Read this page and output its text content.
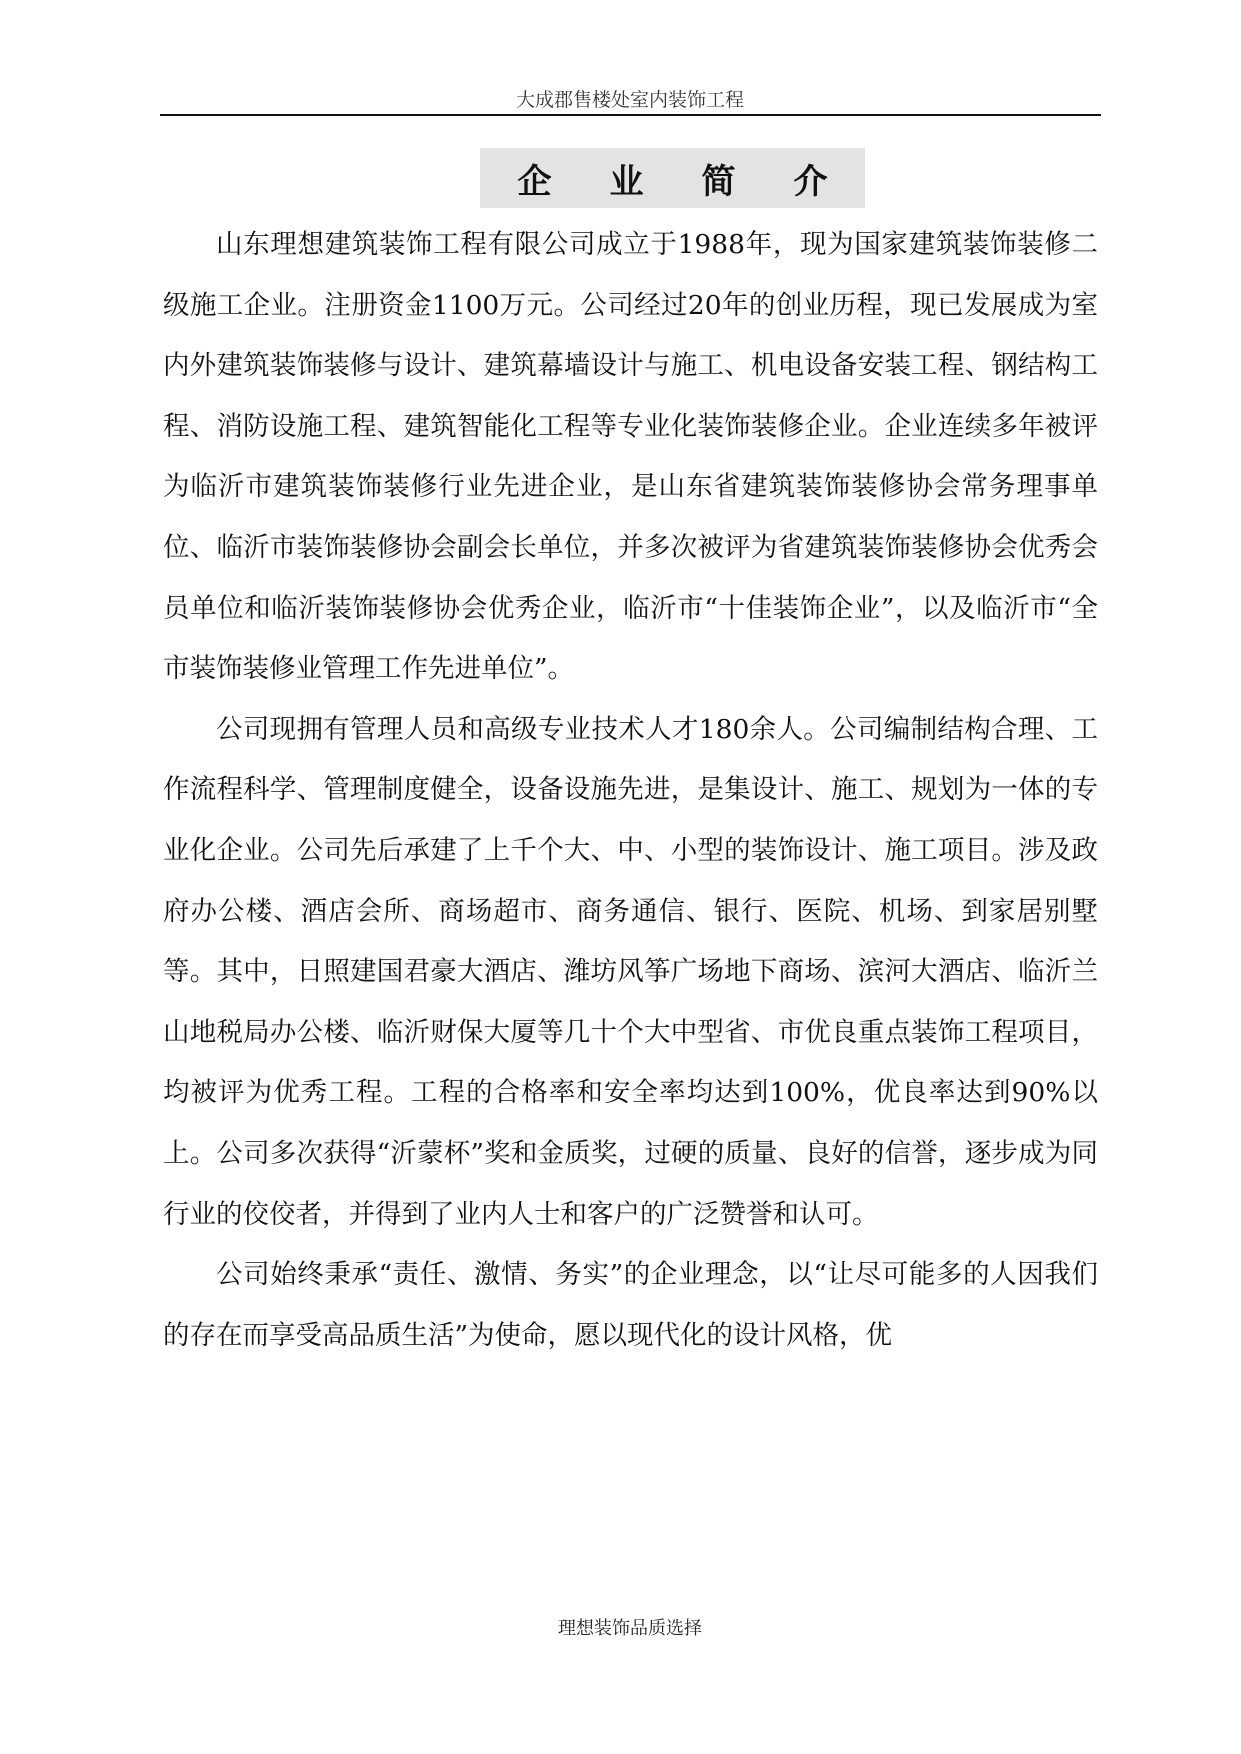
大成郡售楼处室内装饰工程
企业简介

山东理想建筑装饰工程有限公司成立于1988年，现为国家建筑装饰装修二级施工企业。注册资金1100万元。公司经过20年的创业历程，现已发展成为室内外建筑装饰装修与设计、建筑幕墙设计与施工、机电设备安装工程、钢结构工程、消防设施工程、建筑智能化工程等专业化装饰装修企业。企业连续多年被评为临沂市建筑装饰装修行业先进企业，是山东省建筑装饰装修协会常务理事单位、临沂市装饰装修协会副会长单位，并多次被评为省建筑装饰装修协会优秀会员单位和临沂装饰装修协会优秀企业，临沂市“十佳装饰企业”，以及临沂市“全市装饰装修业管理工作先进单位”。

公司现拥有管理人员和高级专业技术人才180余人。公司编制结构合理、工作流程科学、管理制度健全，设备设施先进，是集设计、施工、规划为一体的专业化企业。公司先后承建了上千个大、中、小型的装饰设计、施工项目。涉及政府办公楼、酒店会所、商场超市、商务通信、银行、医院、机场、到家居别墅等。其中，日照建国君豪大酒店、潍坊风筝广场地下商场、滨河大酒店、临沂兰山地税局办公楼、临沂财保大厦等几十个大中型省、市优良重点装饰工程项目，均被评为优秀工程。工程的合格率和安全率均达到100%，优良率达到90%以上。公司多次获得“沂蒙杯”奖和金质奖，过硬的质量、良好的信誉，逐步成为同行业的佼佼者，并得到了业内人士和客户的广泛赞誉和认可。

公司始终秉承“责任、激情、务实”的企业理念，以“让尽可能多的人因我们的存在而享受高品质生活”为使命，愿以现代化的设计风格，优

理想装饰品质选择
